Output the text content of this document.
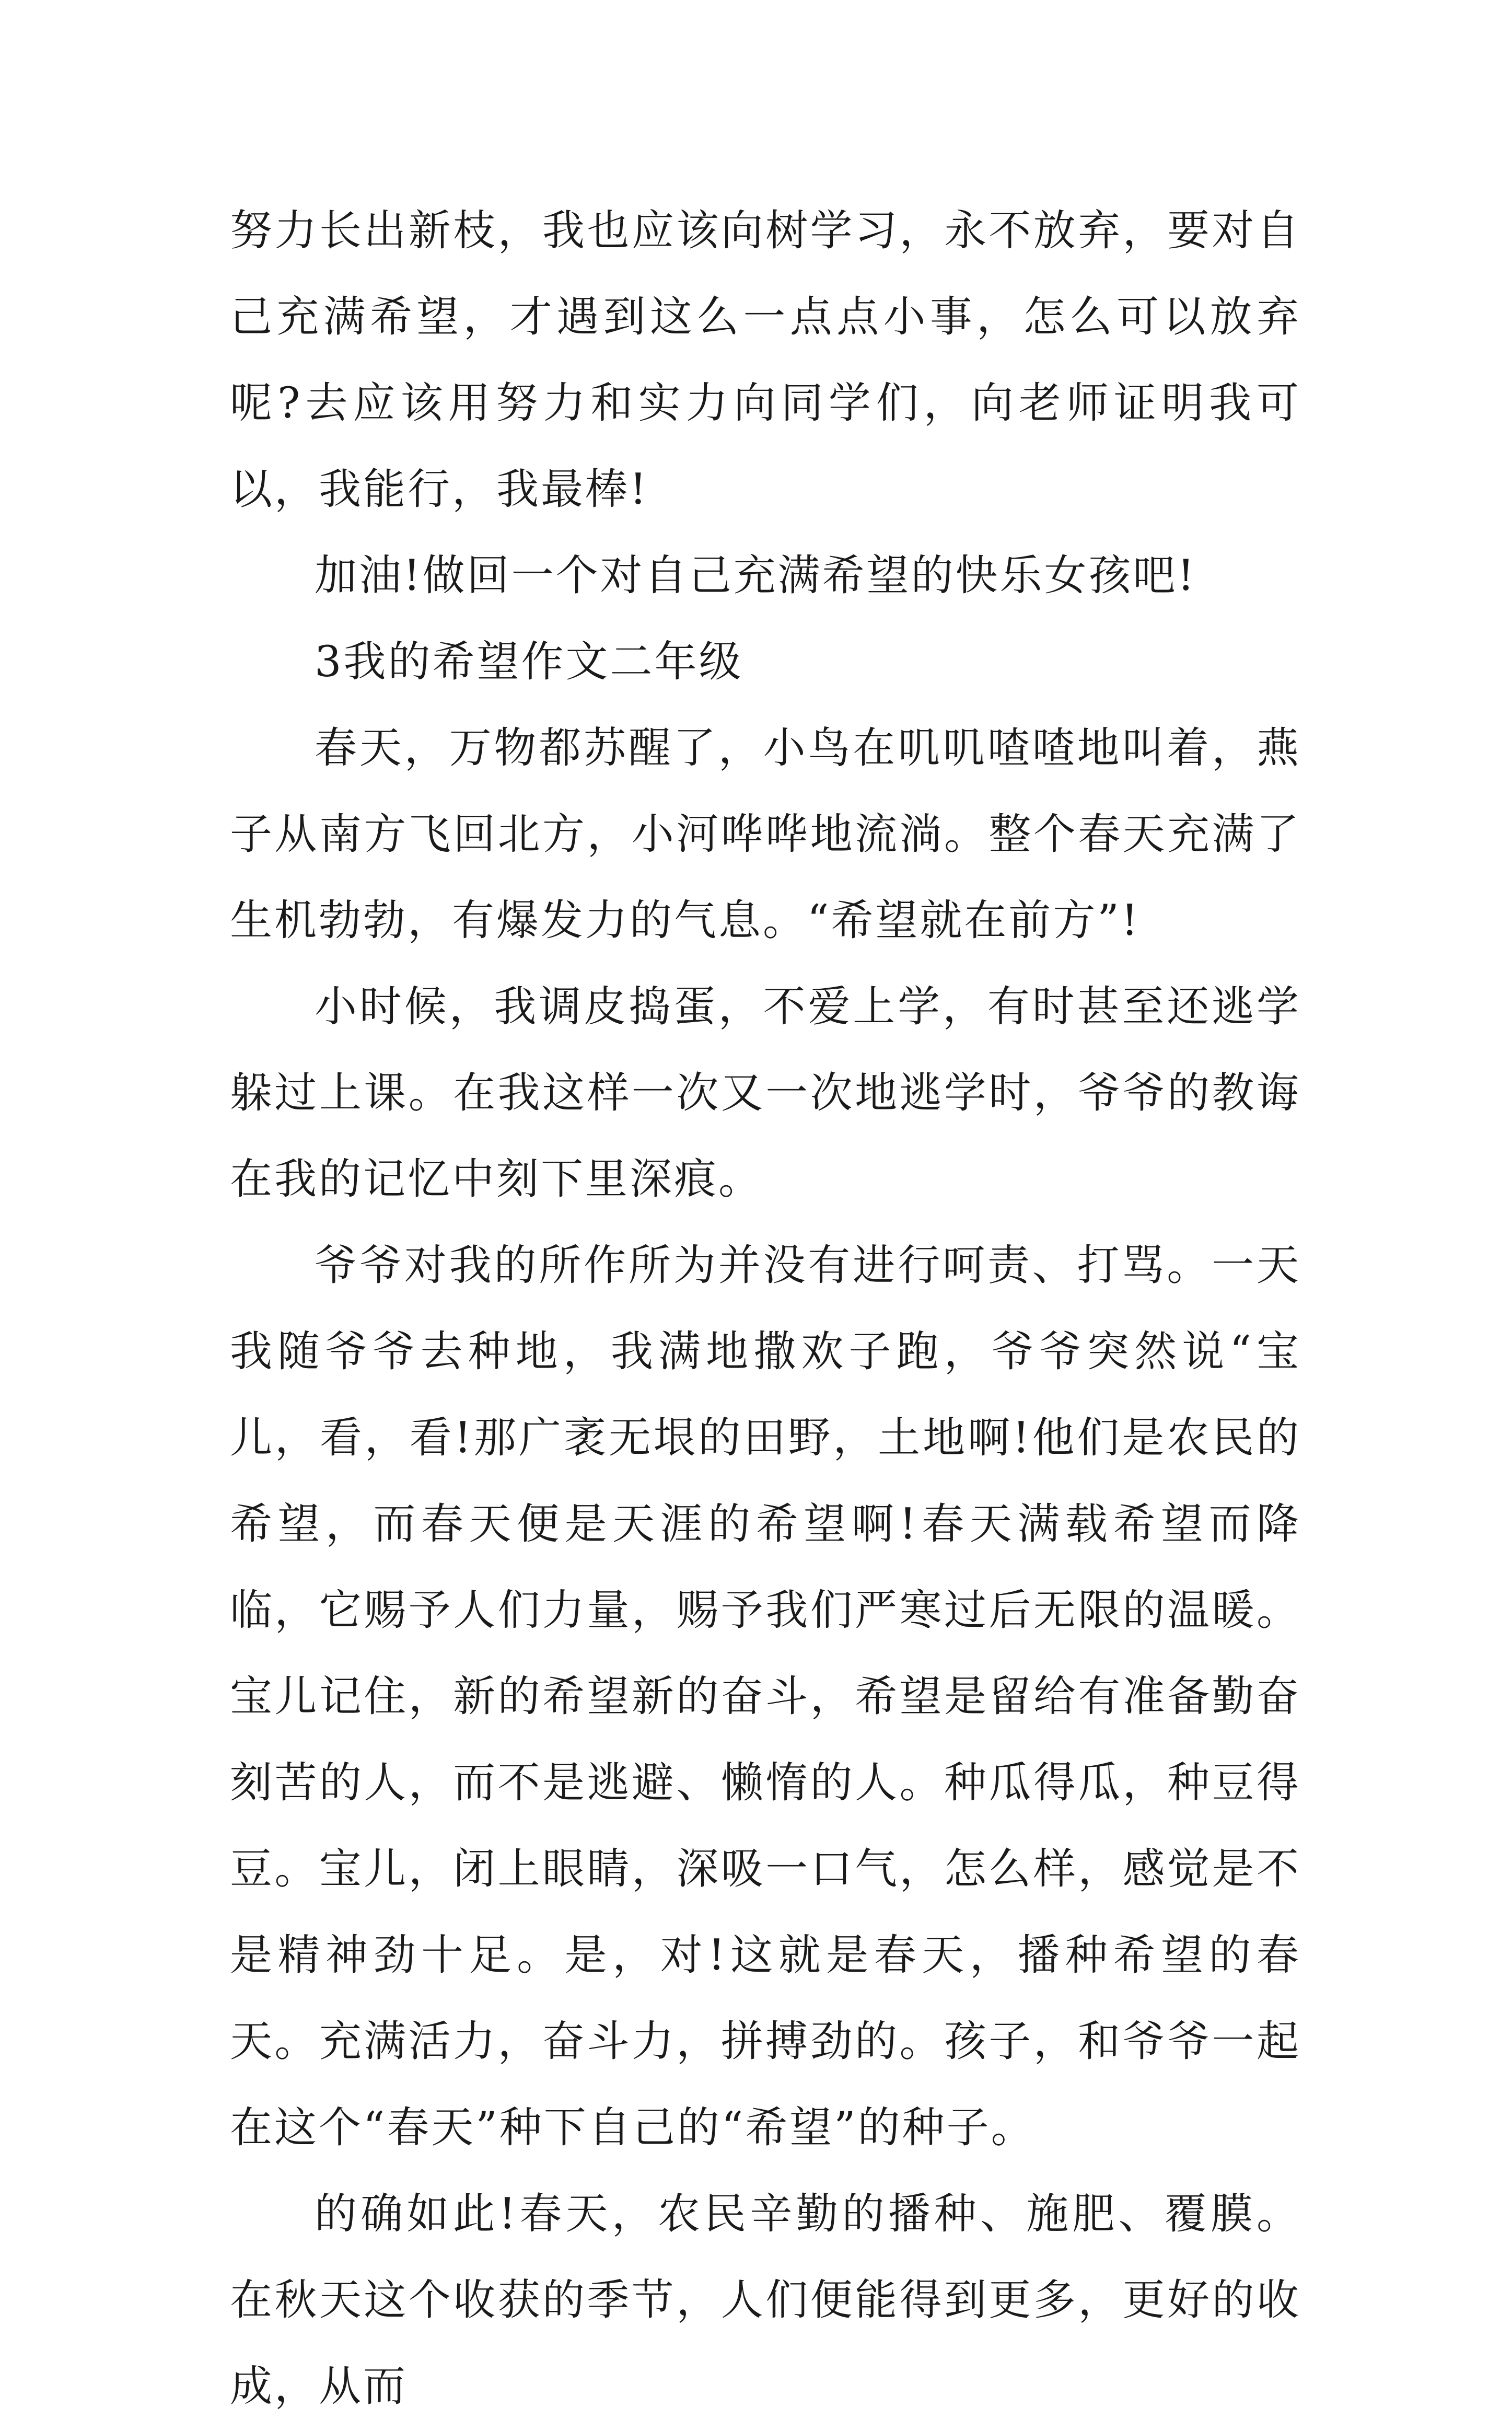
努力长出新枝，我也应该向树学习，永不放弃，要对自己充满希望，才遇到这么一点点小事，怎么可以放弃呢?去应该用努力和实力向同学们，向老师证明我可以，我能行，我最棒!

加油!做回一个对自己充满希望的快乐女孩吧!

3我的希望作文二年级

春天，万物都苏醒了，小鸟在叽叽喳喳地叫着，燕子从南方飞回北方，小河哗哗地流淌。整个春天充满了生机勃勃，有爆发力的气息。“希望就在前方”!

小时候，我调皮捣蛋，不爱上学，有时甚至还逃学躲过上课。在我这样一次又一次地逃学时，爷爷的教诲在我的记忆中刻下里深痕。

爷爷对我的所作所为并没有进行呵责、打骂。一天我随爷爷去种地，我满地撒欢子跑，爷爷突然说“宝儿，看，看!那广袤无垠的田野，土地啊!他们是农民的希望，而春天便是天涯的希望啊!春天满载希望而降临，它赐予人们力量，赐予我们严寒过后无限的温暖。宝儿记住，新的希望新的奋斗，希望是留给有准备勤奋刻苦的人，而不是逃避、懒惰的人。种瓜得瓜，种豆得豆。宝儿，闭上眼睛，深吸一口气，怎么样，感觉是不是精神劲十足。是，对!这就是春天，播种希望的春天。充满活力，奋斗力，拼搏劲的。孩子，和爷爷一起在这个“春天”种下自己的“希望”的种子。

的确如此!春天，农民辛勤的播种、施肥、覆膜。在秋天这个收获的季节，人们便能得到更多，更好的收成，从而
